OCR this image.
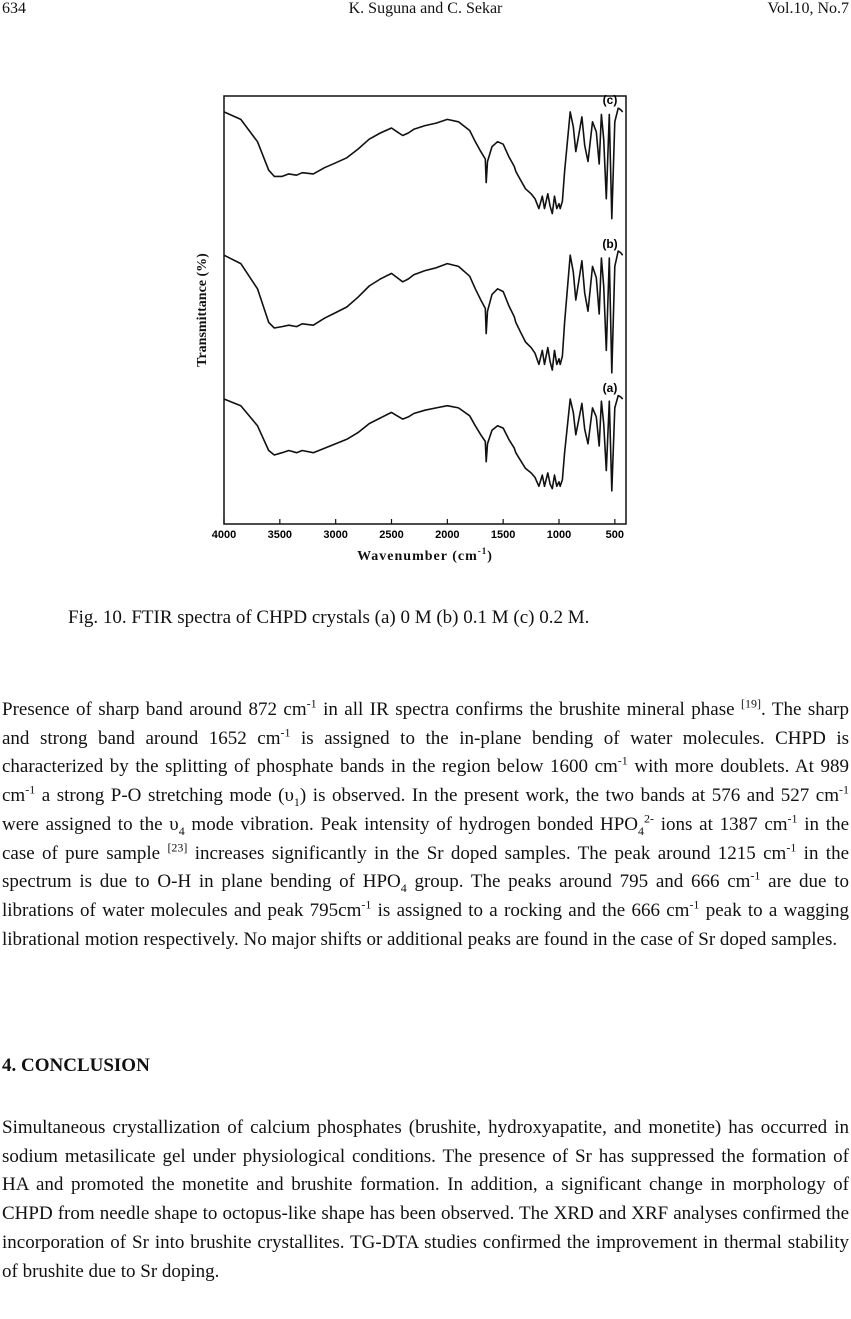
634	K. Suguna and C. Sekar	Vol.10, No.7
4000	3500	3000	2500	2000	1500	1000	500
(c)
(b)
(a)
Transmittance (%)
Wavenumber $(cm^{-1})$
Fig. 10. FTIR spectra of CHPD crystals (a) 0 M (b) 0.1 M (c) 0.2 M.

Presence of sharp band around 872 $cm^{-1}$ in all IR spectra confirms the brushite mineral phase [19]. The sharp and strong band around 1652 $cm^{-1}$ is assigned to the in-plane bending of water molecules. CHPD is characterized by the splitting of phosphate bands in the region below 1600 $cm^{-1}$ with more doublets. At 989 $cm^{-1}$ a strong P-O stretching mode $(\upsilon_1)$ is observed. In the present work, the two bands at 576 and 527 $cm^{-1}$ were assigned to the $\upsilon_4$ mode vibration. Peak intensity of hydrogen bonded $HPO_4^{2-}$ ions at 1387 $cm^{-1}$ in the case of pure sample [23] increases significantly in the Sr doped samples. The peak around 1215 $cm^{-1}$ in the spectrum is due to O-H in plane bending of $HPO_4$ group. The peaks around 795 and 666 $cm^{-1}$ are due to librations of water molecules and peak $795cm^{-1}$ is assigned to a rocking and the 666 $cm^{-1}$ peak to a wagging librational motion respectively. No major shifts or additional peaks are found in the case of Sr doped samples.

4. CONCLUSION

Simultaneous crystallization of calcium phosphates (brushite, hydroxyapatite, and monetite) has occurred in sodium metasilicate gel under physiological conditions. The presence of Sr has suppressed the formation of HA and promoted the monetite and brushite formation. In addition, a significant change in morphology of CHPD from needle shape to octopus-like shape has been observed. The XRD and XRF analyses confirmed the incorporation of Sr into brushite crystallites. TG-DTA studies confirmed the improvement in thermal stability of brushite due to Sr doping.
